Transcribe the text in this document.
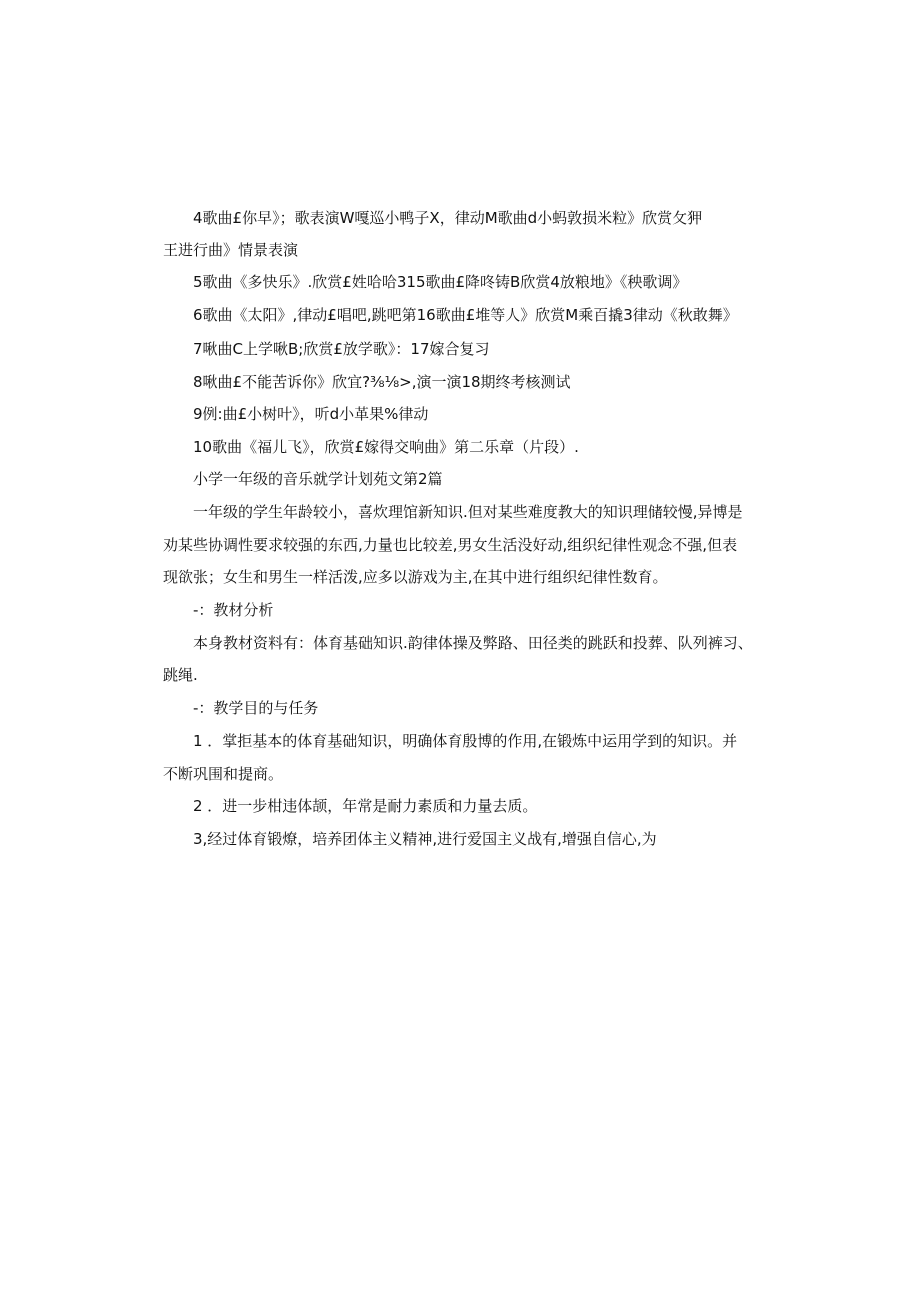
4歌曲£你早》；歌表演W嘎巡小鸭子X，律动M歌曲d小蚂敦损米粒》欣赏攵狎
王进行曲》情景表演
5歌曲《多快乐》.欣赏£姓哈哈315歌曲£降咚铸B欣赏4放粮地》《秧歌调》
6歌曲《太阳》,律动£唱吧,跳吧第16歌曲£堆等人》欣赏M乘百撬3律动《秋敢舞》
7啾曲C上学啾B;欣赏£放学歌》：17嫁合复习
8啾曲£不能苦诉你》欣宜?⅜⅛>,演一演18期终考核测试
9例:曲£小树叶》，听d小革果%律动
10歌曲《福儿飞》，欣赏£嫁得交响曲》第二乐章（片段）.
小学一年级的音乐就学计划苑文第2篇
一年级的学生年龄较小，喜炊理馆新知识.但对某些难度教大的知识理储较慢,异博是
劝某些协调性要求较强的东西,力量也比较差,男女生活没好动,组织纪律性观念不强,但表
现欲张；女生和男生一样活泼,应多以游戏为主,在其中进行组织纪律性数育。
-：教材分析
本身教材资料有：体育基础知识.韵律体操及弊路、田径类的跳跃和投葬、队列裤习、
跳绳.
-：教学目的与任务
1 ．掌拒基本的体育基础知识，明确体育殷博的作用,在锻炼中运用学到的知识。并
不断巩围和提商。
2 ．进一步柑违体颉，年常是耐力素质和力量去质。
3,经过体育锻燎，培养团体主义精神,进行爱国主义战有,增强自信心,为
